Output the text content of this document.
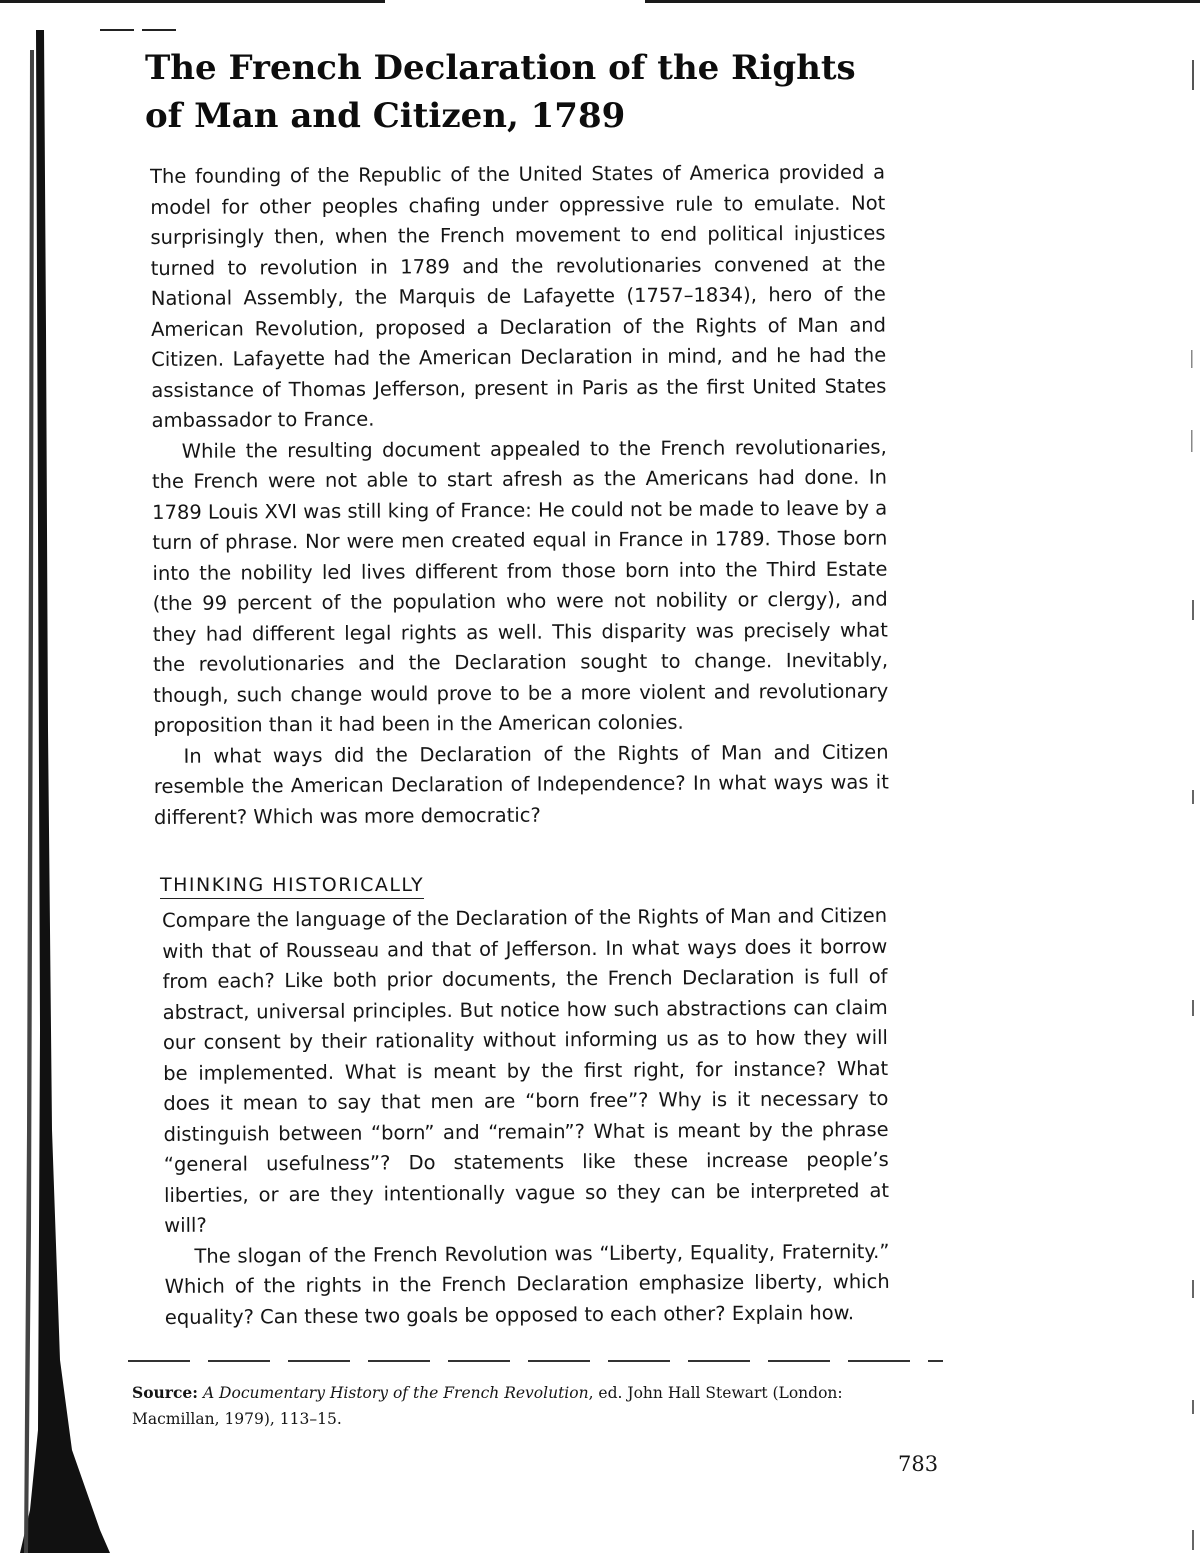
The French Declaration of the Rights
of Man and Citizen, 1789

The founding of the Republic of the United States of America provided a model for other peoples chafing under oppressive rule to emulate. Not surprisingly then, when the French movement to end political injustices turned to revolution in 1789 and the revolutionaries convened at the National Assembly, the Marquis de Lafayette (1757–1834), hero of the American Revolution, proposed a Declaration of the Rights of Man and Citizen. Lafayette had the American Declaration in mind, and he had the assistance of Thomas Jefferson, present in Paris as the first United States ambassador to France.

While the resulting document appealed to the French revolutionaries, the French were not able to start afresh as the Americans had done. In 1789 Louis XVI was still king of France: He could not be made to leave by a turn of phrase. Nor were men created equal in France in 1789. Those born into the nobility led lives different from those born into the Third Estate (the 99 percent of the population who were not nobility or clergy), and they had different legal rights as well. This disparity was precisely what the revolutionaries and the Declaration sought to change. Inevitably, though, such change would prove to be a more violent and revolutionary proposition than it had been in the American colonies.

In what ways did the Declaration of the Rights of Man and Citizen resemble the American Declaration of Independence? In what ways was it different? Which was more democratic?

THINKING HISTORICALLY

Compare the language of the Declaration of the Rights of Man and Citizen with that of Rousseau and that of Jefferson. In what ways does it borrow from each? Like both prior documents, the French Declaration is full of abstract, universal principles. But notice how such abstractions can claim our consent by their rationality without informing us as to how they will be implemented. What is meant by the first right, for instance? What does it mean to say that men are “born free”? Why is it necessary to distinguish between “born” and “remain”? What is meant by the phrase “general usefulness”? Do statements like these increase people’s liberties, or are they intentionally vague so they can be interpreted at will?

The slogan of the French Revolution was “Liberty, Equality, Fraternity.” Which of the rights in the French Declaration emphasize liberty, which equality? Can these two goals be opposed to each other? Explain how.

Source: A Documentary History of the French Revolution, ed. John Hall Stewart (London: Macmillan, 1979), 113–15.

783
